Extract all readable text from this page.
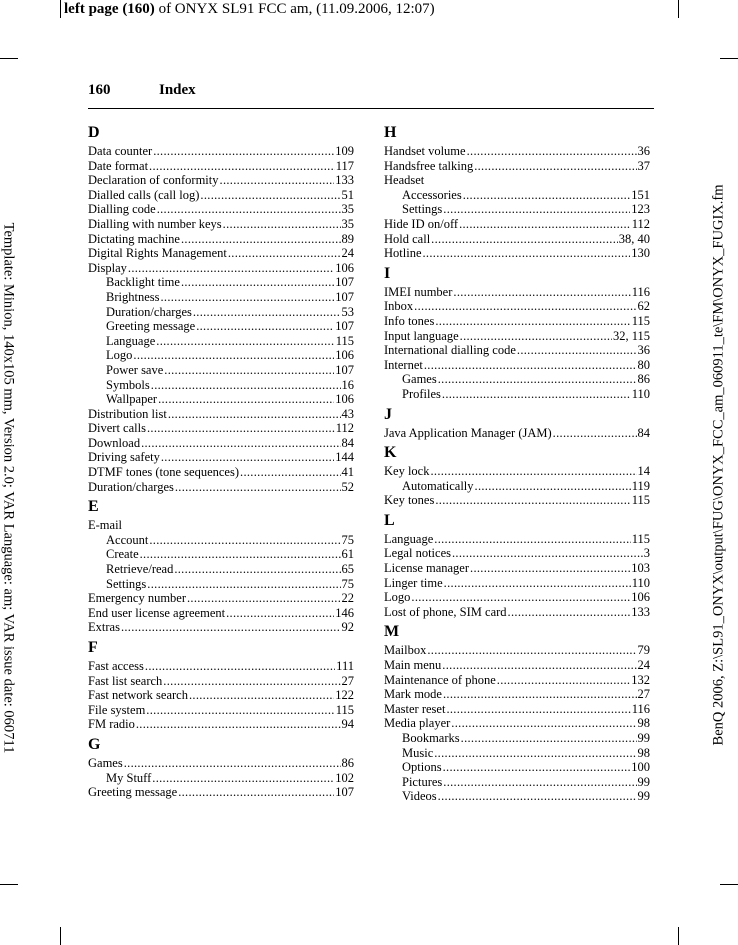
left page (160) of ONYX SL91 FCC am, (11.09.2006, 12:07)
Template: Minion, 140x105 mm, Version 2.0; VAR Language: am; VAR issue date: 060711	BenQ 2006, Z:\SL91_ONYX\output\FUG\ONYX_FCC_am_060911_te\FM\ONYX_FUGIX.fm
160	Index
D
Data counter .....	109
Date format .....	117
Declaration of conformity .....	133
Dialled calls (call log) .....	51
Dialling code .....	35
Dialling with number keys .....	35
Dictating machine .....	89
Digital Rights Management .....	24
Display .....	106
Backlight time .....	107
Brightness .....	107
Duration/charges .....	53
Greeting message .....	107
Language .....	115
Logo .....	106
Power save .....	107
Symbols .....	16
Wallpaper .....	106
Distribution list .....	43
Divert calls .....	112
Download .....	84
Driving safety .....	144
DTMF tones (tone sequences) .....	41
Duration/charges .....	52
E
E-mail
Account .....	75
Create .....	61
Retrieve/read .....	65
Settings .....	75
Emergency number .....	22
End user license agreement .....	146
Extras .....	92
F
Fast access .....	111
Fast list search .....	27
Fast network search .....	122
File system .....	115
FM radio .....	94
G
Games .....	86
My Stuff .....	102
Greeting message .....	107
H
Handset volume .....	36
Handsfree talking .....	37
Headset
Accessories .....	151
Settings .....	123
Hide ID on/off .....	112
Hold call .....	38, 40
Hotline .....	130
I
IMEI number .....	116
Inbox .....	62
Info tones .....	115
Input language .....	32, 115
International dialling code .....	36
Internet .....	80
Games .....	86
Profiles .....	110
J
Java Application Manager (JAM) .....	84
K
Key lock .....	14
Automatically .....	119
Key tones .....	115
L
Language .....	115
Legal notices .....	3
License manager .....	103
Linger time .....	110
Logo .....	106
Lost of phone, SIM card .....	133
M
Mailbox .....	79
Main menu .....	24
Maintenance of phone .....	132
Mark mode .....	27
Master reset .....	116
Media player .....	98
Bookmarks .....	99
Music .....	98
Options .....	100
Pictures .....	99
Videos .....	99
